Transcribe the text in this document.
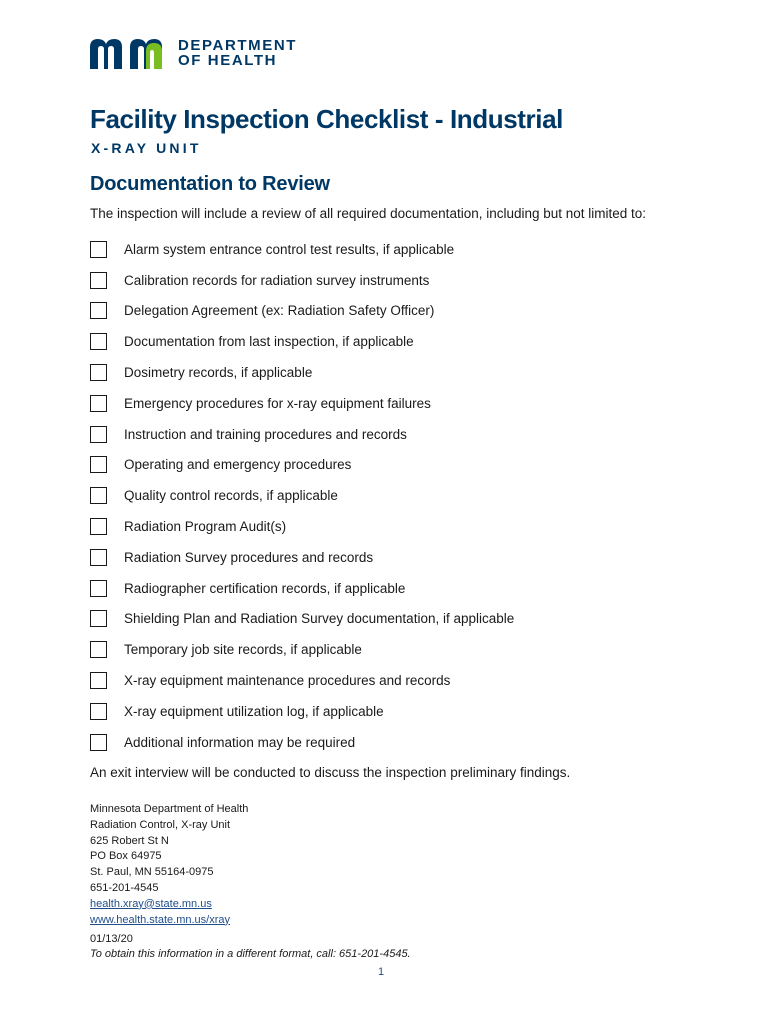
DEPARTMENT
OF HEALTH
Facility Inspection Checklist - Industrial
X-RAY UNIT
Documentation to Review

The inspection will include a review of all required documentation, including but not limited to:

Alarm system entrance control test results, if applicable
Calibration records for radiation survey instruments
Delegation Agreement (ex: Radiation Safety Officer)
Documentation from last inspection, if applicable
Dosimetry records, if applicable
Emergency procedures for x-ray equipment failures
Instruction and training procedures and records
Operating and emergency procedures
Quality control records, if applicable
Radiation Program Audit(s)
Radiation Survey procedures and records
Radiographer certification records, if applicable
Shielding Plan and Radiation Survey documentation, if applicable
Temporary job site records, if applicable
X-ray equipment maintenance procedures and records
X-ray equipment utilization log, if applicable
Additional information may be required

An exit interview will be conducted to discuss the inspection preliminary findings.

Minnesota Department of Health
Radiation Control, X-ray Unit
625 Robert St N
PO Box 64975
St. Paul, MN 55164-0975
651-201-4545
health.xray@state.mn.us
www.health.state.mn.us/xray
01/13/20
To obtain this information in a different format, call: 651-201-4545.
1
